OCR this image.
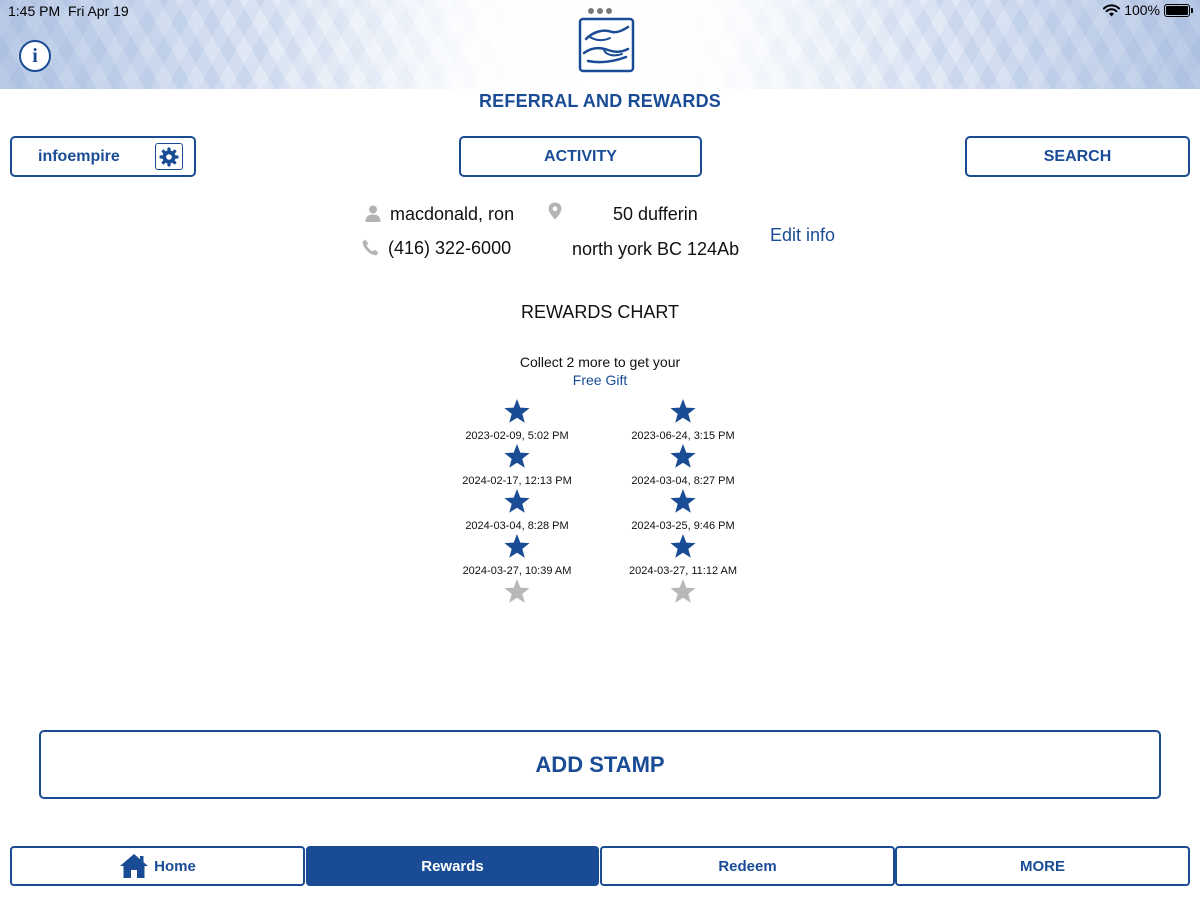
1:45 PM Fri Apr 19	100%
i
REFERRAL AND REWARDS
infoempire	ACTIVITY	SEARCH
macdonald, ron
(416) 322-6000
50 dufferin
north york BC 124Ab
Edit info
REWARDS CHART
Collect 2 more to get your
Free Gift
2023-02-09, 5:02 PM
2024-02-17, 12:13 PM
2024-03-04, 8:28 PM
2024-03-27, 10:39 AM
2023-06-24, 3:15 PM
2024-03-04, 8:27 PM
2024-03-25, 9:46 PM
2024-03-27, 11:12 AM
ADD STAMP
Home	Rewards	Redeem	MORE
